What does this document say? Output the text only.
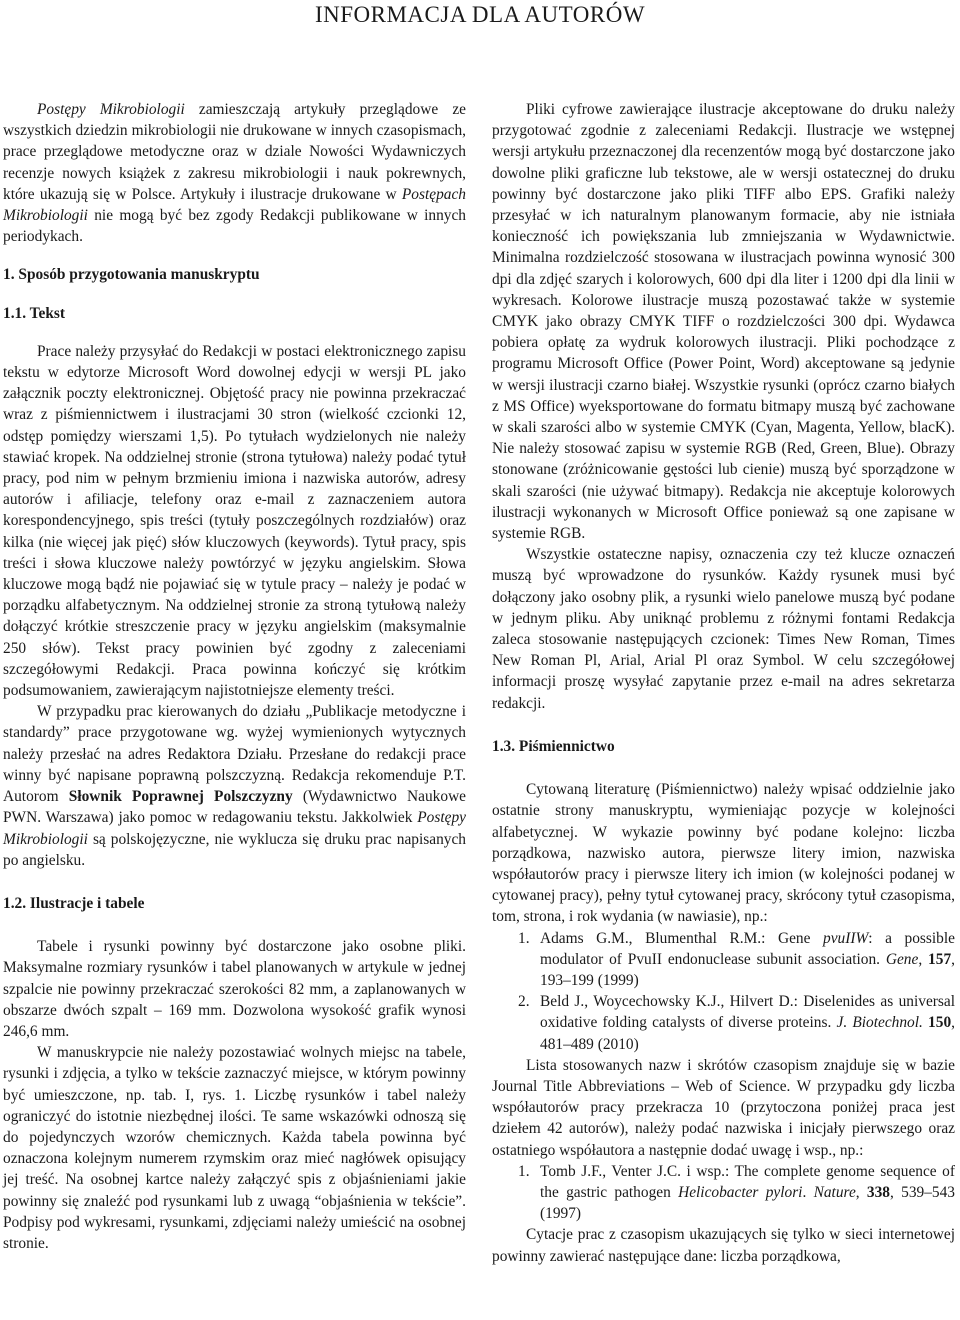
INFORMACJA DLA AUTORÓW

Postępy Mikrobiologii zamieszczają artykuły przeglądowe ze wszystkich dziedzin mikrobiologii nie drukowane w innych czasopismach, prace przeglądowe metodyczne oraz w dziale Nowości Wydawniczych recenzje nowych książek z zakresu mikrobiologii i nauk pokrewnych, które ukazują się w Polsce. Artykuły i ilustracje drukowane w Postępach Mikrobiologii nie mogą być bez zgody Redakcji publikowane w innych periodykach.

1. Sposób przygotowania manuskryptu
1.1. Tekst

Prace należy przysyłać do Redakcji w postaci elektronicznego zapisu tekstu w edytorze Microsoft Word dowolnej edycji w wersji PL jako załącznik poczty elektronicznej. Objętość pracy nie powinna przekraczać wraz z piśmiennictwem i ilustracjami 30 stron (wielkość czcionki 12, odstęp pomiędzy wierszami 1,5). Po tytułach wydzielonych nie należy stawiać kropek. Na oddzielnej stronie (strona tytułowa) należy podać tytuł pracy, pod nim w pełnym brzmieniu imiona i nazwiska autorów, adresy autorów i afiliacje, telefony oraz e-mail z zaznaczeniem autora korespondencyjnego, spis treści (tytuły poszczególnych rozdziałów) oraz kilka (nie więcej jak pięć) słów kluczowych (keywords). Tytuł pracy, spis treści i słowa kluczowe należy powtórzyć w języku angielskim. Słowa kluczowe mogą bądź nie pojawiać się w tytule pracy – należy je podać w porządku alfabetycznym. Na oddzielnej stronie za stroną tytułową należy dołączyć krótkie streszczenie pracy w języku angielskim (maksymalnie 250 słów). Tekst pracy powinien być zgodny z zaleceniami szczegółowymi Redakcji. Praca powinna kończyć się krótkim podsumowaniem, zawierającym najistotniejsze elementy treści.

W przypadku prac kierowanych do działu „Publikacje metodyczne i standardy” prace przygotowane wg. wyżej wymienionych wytycznych należy przesłać na adres Redaktora Działu. Przesłane do redakcji prace winny być napisane poprawną polszczyzną. Redakcja rekomenduje P.T. Autorom Słownik Poprawnej Polszczyzny (Wydawnictwo Naukowe PWN. Warszawa) jako pomoc w redagowaniu tekstu. Jakkolwiek Postępy Mikrobiologii są polskojęzyczne, nie wyklucza się druku prac napisanych po angielsku.

1.2. Ilustracje i tabele

Tabele i rysunki powinny być dostarczone jako osobne pliki. Maksymalne rozmiary rysunków i tabel planowanych w artykule w jednej szpalcie nie powinny przekraczać szerokości 82 mm, a zaplanowanych w obszarze dwóch szpalt – 169 mm. Dozwolona wysokość grafik wynosi 246,6 mm.

W manuskrypcie nie należy pozostawiać wolnych miejsc na tabele, rysunki i zdjęcia, a tylko w tekście zaznaczyć miejsce, w którym powinny być umieszczone, np. tab. I, rys. 1. Liczbę rysunków i tabel należy ograniczyć do istotnie niezbędnej ilości. Te same wskazówki odnoszą się do pojedynczych wzorów chemicznych. Każda tabela powinna być oznaczona kolejnym numerem rzymskim oraz mieć nagłówek opisujący jej treść. Na osobnej kartce należy załączyć spis z objaśnieniami jakie powinny się znaleźć pod rysunkami lub z uwagą “objaśnienia w tekście”. Podpisy pod wykresami, rysunkami, zdjęciami należy umieścić na osobnej stronie.

Pliki cyfrowe zawierające ilustracje akceptowane do druku należy przygotować zgodnie z zaleceniami Redakcji. Ilustracje we wstępnej wersji artykułu przeznaczonej dla recenzentów mogą być dostarczone jako dowolne pliki graficzne lub tekstowe, ale w wersji ostatecznej do druku powinny być dostarczone jako pliki TIFF albo EPS. Grafiki należy przesyłać w ich naturalnym planowanym formacie, aby nie istniała konieczność ich powiększania lub zmniejszania w Wydawnictwie. Minimalna rozdzielczość stosowana w ilustracjach powinna wynosić 300 dpi dla zdjęć szarych i kolorowych, 600 dpi dla liter i 1200 dpi dla linii w wykresach. Kolorowe ilustracje muszą pozostawać także w systemie CMYK jako obrazy CMYK TIFF o rozdzielczości 300 dpi. Wydawca pobiera opłatę za wydruk kolorowych ilustracji. Pliki pochodzące z programu Microsoft Office (Power Point, Word) akceptowane są jedynie w wersji ilustracji czarno białej. Wszystkie rysunki (oprócz czarno białych z MS Office) wyeksportowane do formatu bitmapy muszą być zachowane w skali szarości albo w systemie CMYK (Cyan, Magenta, Yellow, blacK). Nie należy stosować zapisu w systemie RGB (Red, Green, Blue). Obrazy stonowane (zróżnicowanie gęstości lub cienie) muszą być sporządzone w skali szarości (nie używać bitmapy). Redakcja nie akceptuje kolorowych ilustracji wykonanych w Microsoft Office ponieważ są one zapisane w systemie RGB.

Wszystkie ostateczne napisy, oznaczenia czy też klucze oznaczeń muszą być wprowadzone do rysunków. Każdy rysunek musi być dołączony jako osobny plik, a rysunki wielo panelowe muszą być podane w jednym pliku. Aby uniknąć problemu z różnymi fontami Redakcja zaleca stosowanie następujących czcionek: Times New Roman, Times New Roman Pl, Arial, Arial Pl oraz Symbol. W celu szczegółowej informacji proszę wysyłać zapytanie przez e-mail na adres sekretarza redakcji.

1.3. Piśmiennictwo

Cytowaną literaturę (Piśmiennictwo) należy wpisać oddzielnie jako ostatnie strony manuskryptu, wymieniając pozycje w kolejności alfabetycznej. W wykazie powinny być podane kolejno: liczba porządkowa, nazwisko autora, pierwsze litery imion, nazwiska współautorów pracy i pierwsze litery ich imion (w kolejności podanej w cytowanej pracy), pełny tytuł cytowanej pracy, skrócony tytuł czasopisma, tom, strona, i rok wydania (w nawiasie), np.:

1. Adams G.M., Blumenthal R.M.: Gene pvuIIW: a possible modulator of PvuII endonuclease subunit association. Gene, 157, 193–199 (1999)
2. Beld J., Woycechowsky K.J., Hilvert D.: Diselenides as universal oxidative folding catalysts of diverse proteins. J. Biotechnol. 150, 481–489 (2010)

Lista stosowanych nazw i skrótów czasopism znajduje się w bazie Journal Title Abbreviations – Web of Science. W przypadku gdy liczba współautorów pracy przekracza 10 (przytoczona poniżej praca jest dziełem 42 autorów), należy podać nazwiska i inicjały pierwszego oraz ostatniego współautora a następnie dodać uwagę i wsp., np.:

1. Tomb J.F., Venter J.C. i wsp.: The complete genome sequence of the gastric pathogen Helicobacter pylori. Nature, 338, 539–543 (1997)

Cytacje prac z czasopism ukazujących się tylko w sieci internetowej powinny zawierać następujące dane: liczba porządkowa,
